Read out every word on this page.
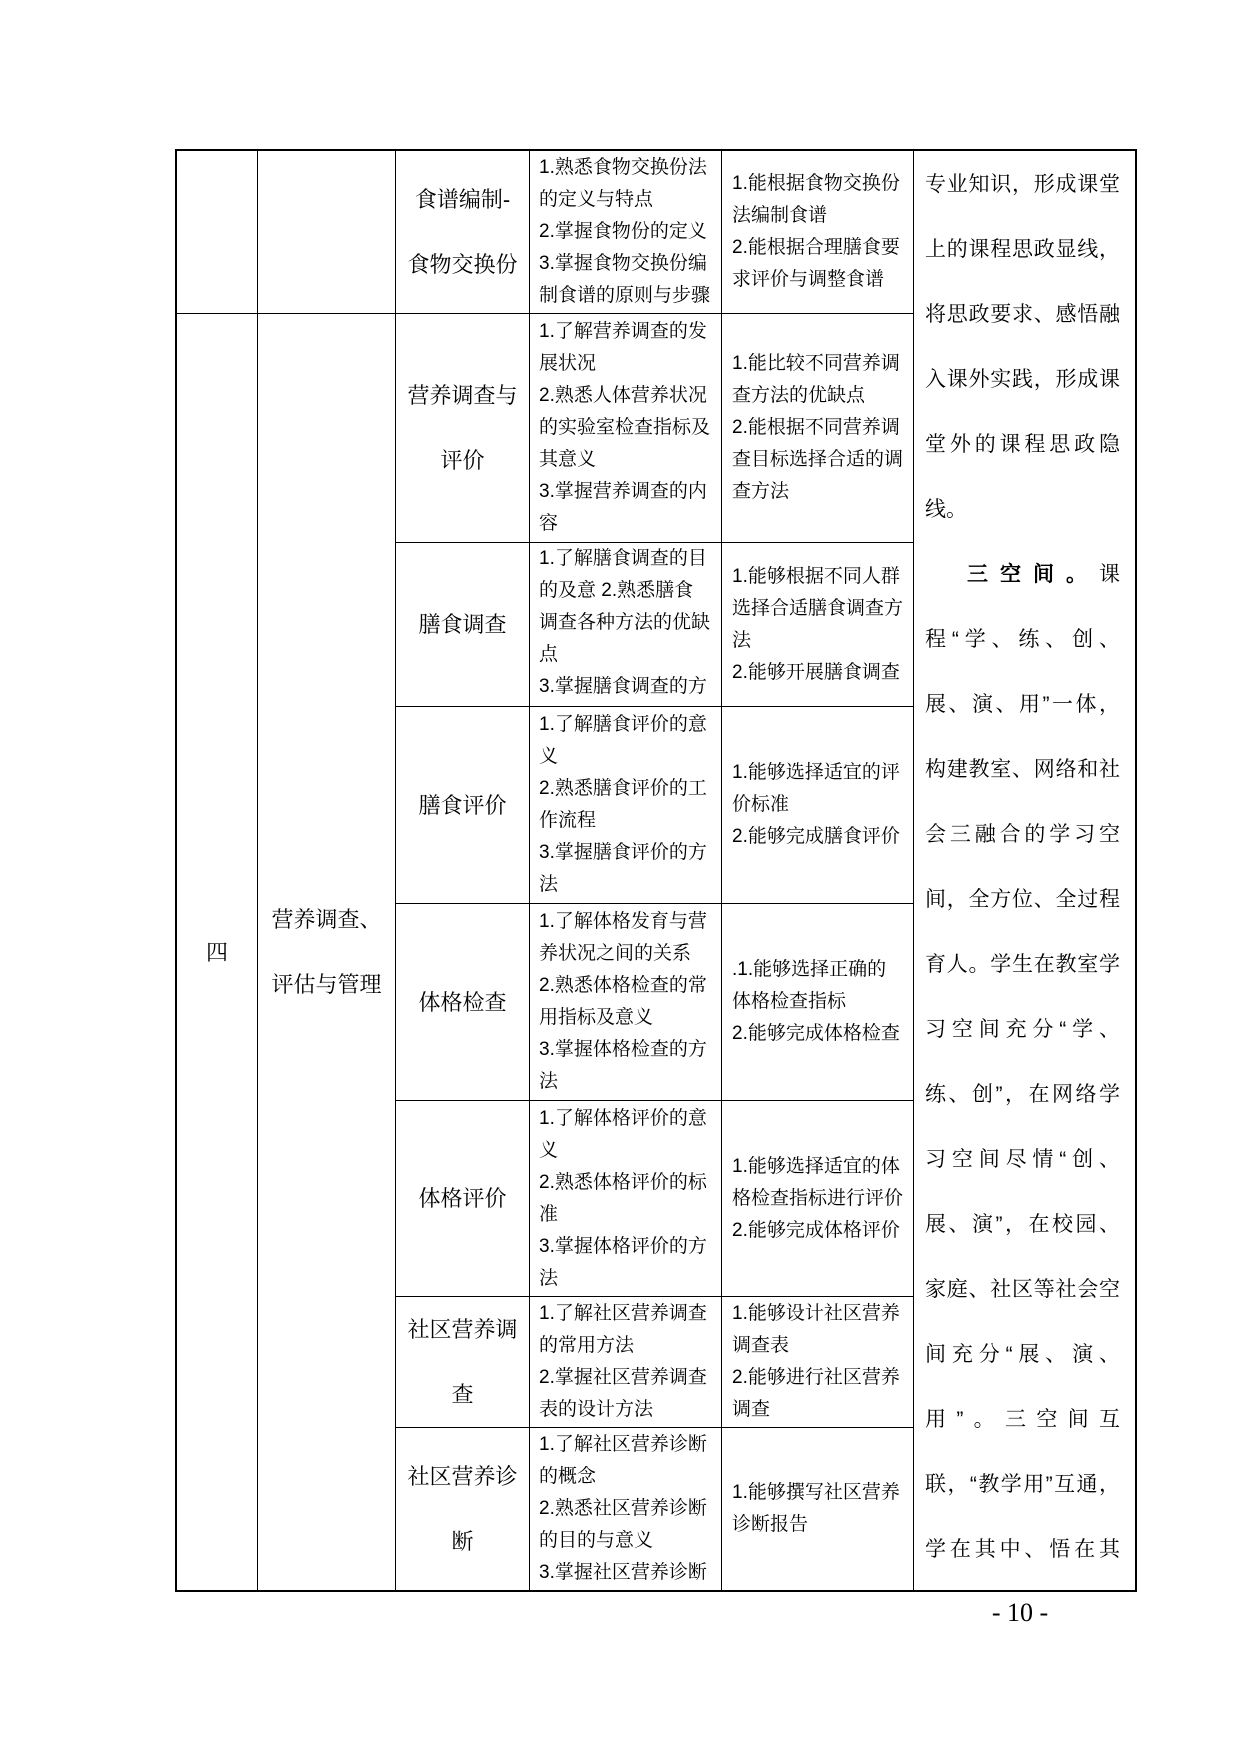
食谱编制-
食物交换份
1.熟悉食物交换份法的定义与特点
2.掌握食物份的定义
3.掌握食物交换份编制食谱的原则与步骤
1.能根据食物交换份法编制食谱
2.能根据合理膳食要求评价与调整食谱

专业知识，形成课堂上的课程思政显线，将思政要求、感悟融入课外实践，形成课堂外的课程思政隐线。

三空间。课程“学、练、创、展、演、用”一体，构建教室、网络和社会三融合的学习空间，全方位、全过程育人。学生在教室学习空间充分“学、练、创”，在网络学习空间尽情“创、展、演”，在校园、家庭、社区等社会空间充分“展、演、用”。三空间互联，“教学用”互通，学在其中、悟在其

四
营养调查、
评估与管理
营养调查与
评价
1.了解营养调查的发展状况
2.熟悉人体营养状况的实验室检查指标及其意义
3.掌握营养调查的内容
1.能比较不同营养调查方法的优缺点
2.能根据不同营养调查目标选择合适的调查方法
膳食调查
1.了解膳食调查的目的及意 2.熟悉膳食调查各种方法的优缺点
3.掌握膳食调查的方
1.能够根据不同人群选择合适膳食调查方法
2.能够开展膳食调查
膳食评价
1.了解膳食评价的意义
2.熟悉膳食评价的工作流程
3.掌握膳食评价的方法
1.能够选择适宜的评价标准
2.能够完成膳食评价
体格检查
1.了解体格发育与营养状况之间的关系
2.熟悉体格检查的常用指标及意义
3.掌握体格检查的方法
.1.能够选择正确的体格检查指标
2.能够完成体格检查
体格评价
1.了解体格评价的意义
2.熟悉体格评价的标准
3.掌握体格评价的方法
1.能够选择适宜的体格检查指标进行评价
2.能够完成体格评价
社区营养调
查
1.了解社区营养调查的常用方法
2.掌握社区营养调查表的设计方法
1.能够设计社区营养调查表
2.能够进行社区营养调查
社区营养诊
断
1.了解社区营养诊断的概念
2.熟悉社区营养诊断的目的与意义
3.掌握社区营养诊断
1.能够撰写社区营养诊断报告
- 10 -
